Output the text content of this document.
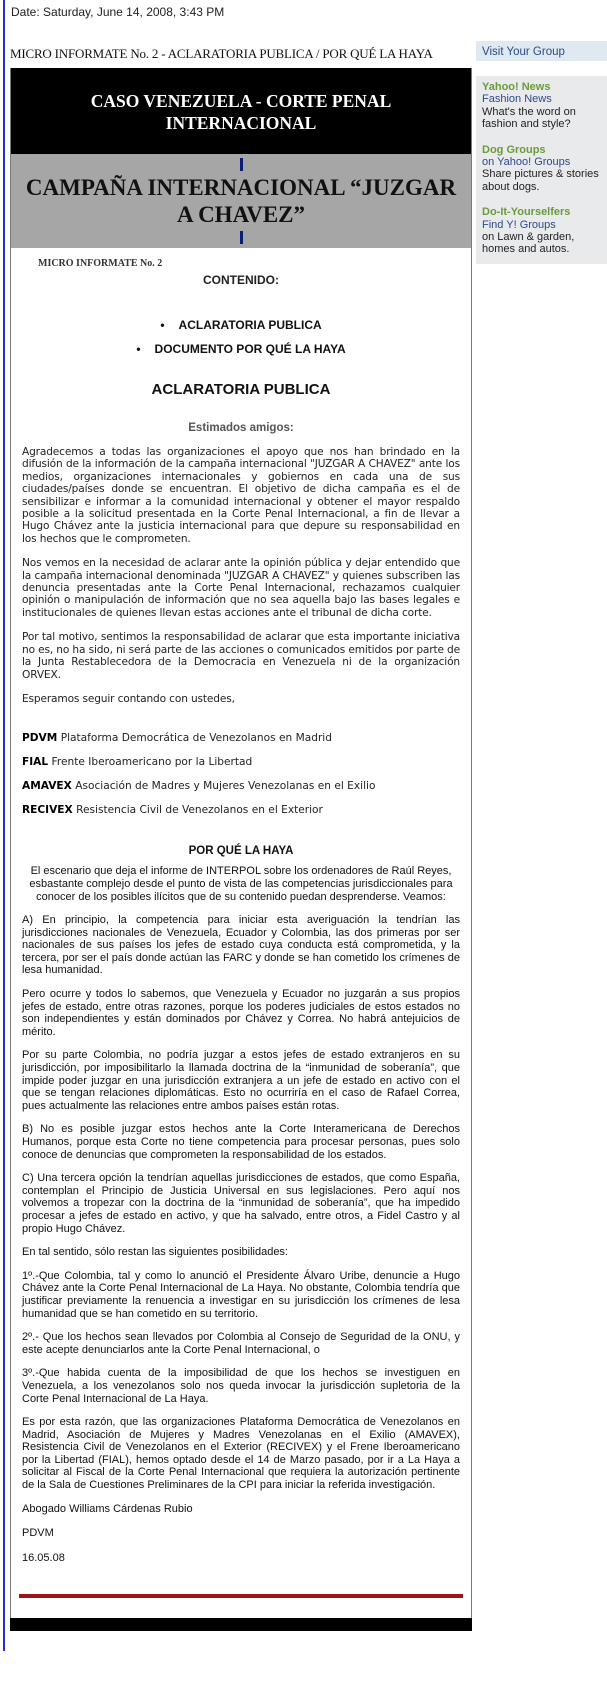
Date: Saturday, June 14, 2008, 3:43 PM
MICRO INFORMATE No. 2 - ACLARATORIA PUBLICA / POR QUÉ LA HAYA
CASO VENEZUELA - CORTE PENAL INTERNACIONAL
CAMPAÑA INTERNACIONAL “JUZGAR A CHAVEZ”
MICRO INFORMATE No. 2
CONTENIDO:
• ACLARATORIA PUBLICA
• DOCUMENTO POR QUÉ LA HAYA
ACLARATORIA PUBLICA
Estimados amigos:

Agradecemos a todas las organizaciones el apoyo que nos han brindado en la difusión de la información de la campaña internacional "JUZGAR A CHAVEZ" ante los medios, organizaciones internacionales y gobiernos en cada una de sus ciudades/países donde se encuentran. El objetivo de dicha campaña es el de sensibilizar e informar a la comunidad internacional y obtener el mayor respaldo posible a la solicitud presentada en la Corte Penal Internacional, a fin de llevar a Hugo Chávez ante la justicia internacional para que depure su responsabilidad en los hechos que le comprometen.

Nos vemos en la necesidad de aclarar ante la opinión pública y dejar entendido que la campaña internacional denominada "JUZGAR A CHAVEZ" y quienes subscriben las denuncia presentadas ante la Corte Penal Internacional, rechazamos cualquier opinión o manipulación de información que no sea aquella bajo las bases legales e institucionales de quienes llevan estas acciones ante el tribunal de dicha corte.

Por tal motivo, sentimos la responsabilidad de aclarar que esta importante iniciativa no es, no ha sido, ni será parte de las acciones o comunicados emitidos por parte de la Junta Restablecedora de la Democracia en Venezuela ni de la organización ORVEX.

Esperamos seguir contando con ustedes,

PDVM Plataforma Democrática de Venezolanos en Madrid
FIAL Frente Iberoamericano por la Libertad
AMAVEX Asociación de Madres y Mujeres Venezolanas en el Exilio
RECIVEX Resistencia Civil de Venezolanos en el Exterior
POR QUÉ LA HAYA

El escenario que deja el informe de INTERPOL sobre los ordenadores de Raúl Reyes, esbastante complejo desde el punto de vista de las competencias jurisdiccionales para conocer de los posibles ilícitos que de su contenido puedan desprenderse. Veamos:

A) En principio, la competencia para iniciar esta averiguación la tendrían las jurisdicciones nacionales de Venezuela, Ecuador y Colombia, las dos primeras por ser nacionales de sus países los jefes de estado cuya conducta está comprometida, y la tercera, por ser el país donde actúan las FARC y donde se han cometido los crímenes de lesa humanidad.

Pero ocurre y todos lo sabemos, que Venezuela y Ecuador no juzgarán a sus propios jefes de estado, entre otras razones, porque los poderes judiciales de estos estados no son independientes y están dominados por Chávez y Correa. No habrá antejuicios de mérito.

Por su parte Colombia, no podría juzgar a estos jefes de estado extranjeros en su jurisdicción, por imposibilitarlo la llamada doctrina de la “inmunidad de soberanía”, que impide poder juzgar en una jurisdicción extranjera a un jefe de estado en activo con el que se tengan relaciones diplomáticas. Esto no ocurriría en el caso de Rafael Correa, pues actualmente las relaciones entre ambos países están rotas.

B) No es posible juzgar estos hechos ante la Corte Interamericana de Derechos Humanos, porque esta Corte no tiene competencia para procesar personas, pues solo conoce de denuncias que comprometen la responsabilidad de los estados.

C) Una tercera opción la tendrían aquellas jurisdicciones de estados, que como España, contemplan el Principio de Justicia Universal en sus legislaciones. Pero aquí nos volvemos a tropezar con la doctrina de la “inmunidad de soberanía”, que ha impedido procesar a jefes de estado en activo, y que ha salvado, entre otros, a Fidel Castro y al propio Hugo Chávez.

En tal sentido, sólo restan las siguientes posibilidades:

1º.-Que Colombia, tal y como lo anunció el Presidente Álvaro Uribe, denuncie a Hugo Chávez ante la Corte Penal Internacional de La Haya. No obstante, Colombia tendría que justificar previamente la renuencia a investigar en su jurisdicción los crímenes de lesa humanidad que se han cometido en su territorio.

2º.- Que los hechos sean llevados por Colombia al Consejo de Seguridad de la ONU, y este acepte denunciarlos ante la Corte Penal Internacional, o

3º.-Que habida cuenta de la imposibilidad de que los hechos se investiguen en Venezuela, a los venezolanos solo nos queda invocar la jurisdicción supletoria de la Corte Penal Internacional de La Haya.

Es por esta razón, que las organizaciones Plataforma Democrática de Venezolanos en Madrid, Asociación de Mujeres y Madres Venezolanas en el Exilio (AMAVEX), Resistencia Civil de Venezolanos en el Exterior (RECIVEX) y el Frene Iberoamericano por la Libertad (FIAL), hemos optado desde el 14 de Marzo pasado, por ir a La Haya a solicitar al Fiscal de la Corte Penal Internacional que requiera la autorización pertinente de la Sala de Cuestiones Preliminares de la CPI para iniciar la referida investigación.

Abogado Williams Cárdenas Rubio

PDVM

16.05.08

Visit Your Group
Yahoo! News
Fashion News
What's the word on fashion and style?
Dog Groups
on Yahoo! Groups
Share pictures & stories about dogs.
Do-It-Yourselfers
Find Y! Groups
on Lawn & garden, homes and autos.
